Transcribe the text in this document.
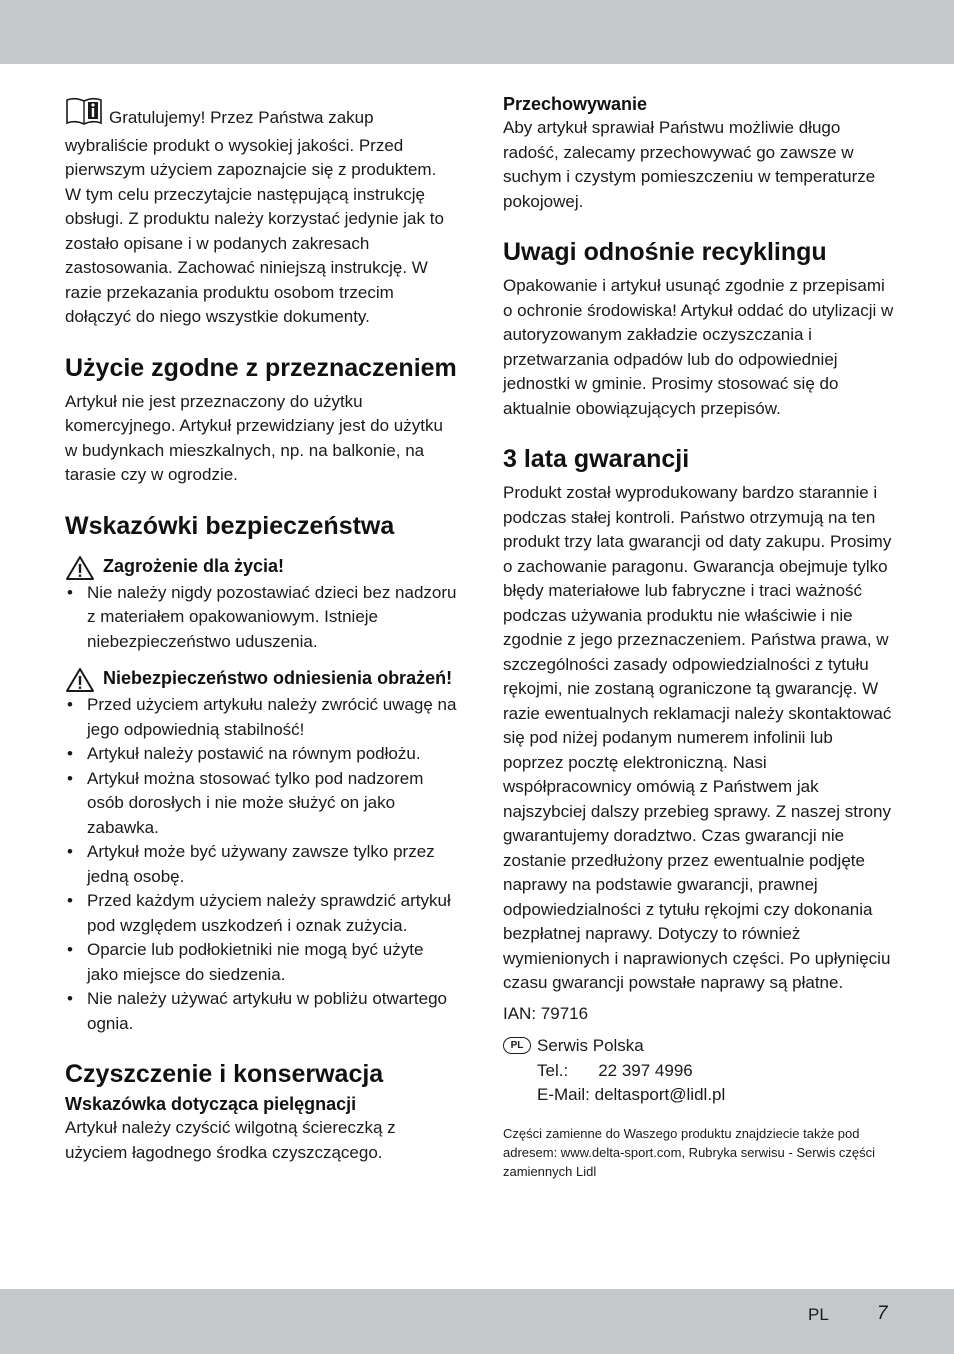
Gratulujemy! Przez Państwa zakup wybraliście produkt o wysokiej jakości. Przed pierwszym użyciem zapoznajcie się z produktem. W tym celu przeczytajcie następującą instrukcję obsługi. Z produktu należy korzystać jedynie jak to zostało opisane i w podanych zakresach zastosowania. Zachować niniejszą instrukcję. W razie przekazania produktu osobom trzecim dołączyć do niego wszystkie dokumenty.

Użycie zgodne z przeznaczeniem

Artykuł nie jest przeznaczony do użytku komercyjnego. Artykuł przewidziany jest do użytku w budynkach mieszkalnych, np. na balkonie, na tarasie czy w ogrodzie.

Wskazówki bezpieczeństwa
Zagrożenie dla życia!
• Nie należy nigdy pozostawiać dzieci bez nadzoru z materiałem opakowaniowym. Istnieje niebezpieczeństwo uduszenia.
Niebezpieczeństwo odniesienia obrażeń!
• Przed użyciem artykułu należy zwrócić uwagę na jego odpowiednią stabilność!
• Artykuł należy postawić na równym podłożu.
• Artykuł można stosować tylko pod nadzorem osób dorosłych i nie może służyć on jako zabawka.
• Artykuł może być używany zawsze tylko przez jedną osobę.
• Przed każdym użyciem należy sprawdzić artykuł pod względem uszkodzeń i oznak zużycia.
• Oparcie lub podłokietniki nie mogą być użyte jako miejsce do siedzenia.
• Nie należy używać artykułu w pobliżu otwartego ognia.
Czyszczenie i konserwacja
Wskazówka dotycząca pielęgnacji

Artykuł należy czyścić wilgotną ściereczką z użyciem łagodnego środka czyszczącego.

Przechowywanie

Aby artykuł sprawiał Państwu możliwie długo radość, zalecamy przechowywać go zawsze w suchym i czystym pomieszczeniu w temperaturze pokojowej.

Uwagi odnośnie recyklingu

Opakowanie i artykuł usunąć zgodnie z przepisami o ochronie środowiska! Artykuł oddać do utylizacji w autoryzowanym zakładzie oczyszczania i przetwarzania odpadów lub do odpowiedniej jednostki w gminie. Prosimy stosować się do aktualnie obowiązujących przepisów.

3 lata gwarancji

Produkt został wyprodukowany bardzo starannie i podczas stałej kontroli. Państwo otrzymują na ten produkt trzy lata gwarancji od daty zakupu. Prosimy o zachowanie paragonu. Gwarancja obejmuje tylko błędy materiałowe lub fabryczne i traci ważność podczas używania produktu nie właściwie i nie zgodnie z jego przeznaczeniem. Państwa prawa, w szczególności zasady odpowiedzialności z tytułu rękojmi, nie zostaną ograniczone tą gwarancję. W razie ewentualnych reklamacji należy skontaktować się pod niżej podanym numerem infolinii lub poprzez pocztę elektroniczną. Nasi współpracownicy omówią z Państwem jak najszybciej dalszy przebieg sprawy. Z naszej strony gwarantujemy doradztwo. Czas gwarancji nie zostanie przedłużony przez ewentualnie podjęte naprawy na podstawie gwarancji, prawnej odpowiedzialności z tytułu rękojmi czy dokonania bezpłatnej naprawy. Dotyczy to również wymienionych i naprawionych części. Po upłynięciu czasu gwarancji powstałe naprawy są płatne.

IAN: 79716

PL Serwis Polska

Tel.: 22 397 4996

E-Mail: deltasport@lidl.pl

Części zamienne do Waszego produktu znajdziecie także pod adresem: www.delta-sport.com, Rubryka serwisu - Serwis części zamiennych Lidl

PL	7
